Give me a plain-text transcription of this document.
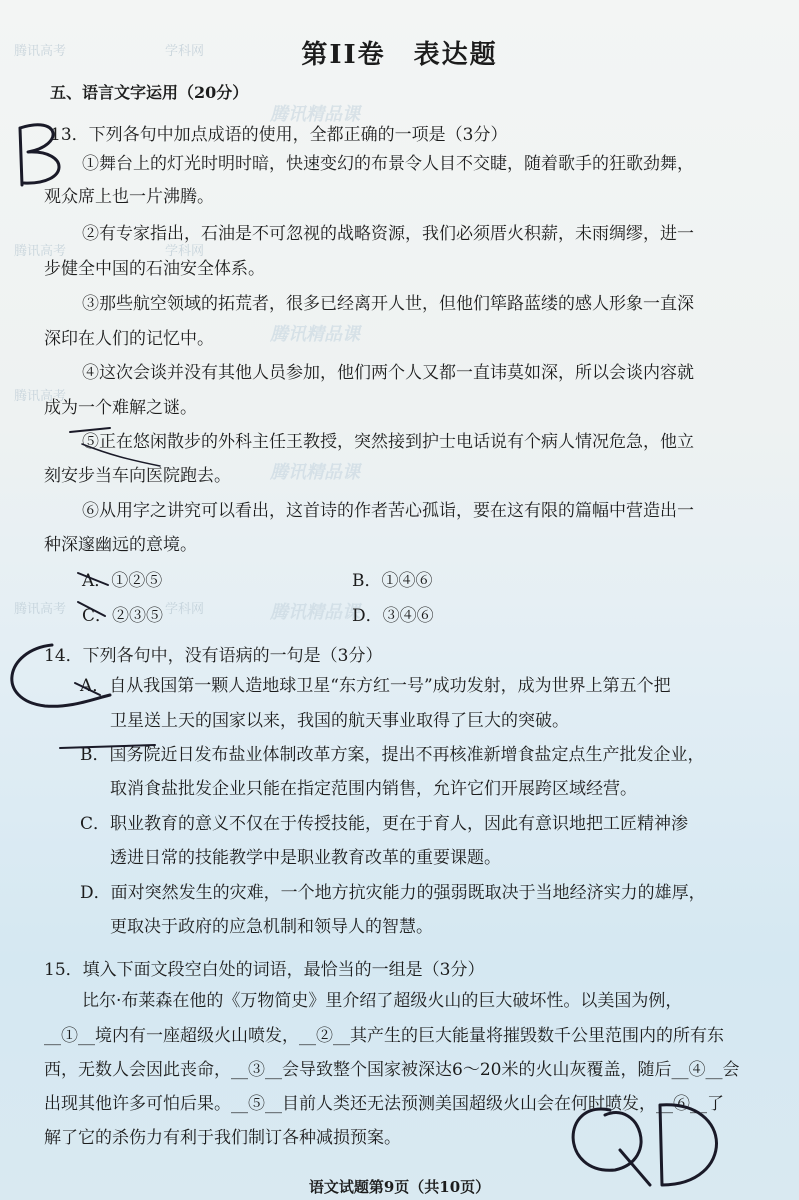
腾讯高考	学科网
腾讯精品课
腾讯高考	学科网
腾讯精品课
腾讯高考
腾讯精品课
腾讯高考	学科网	腾讯精品课
第II卷　表达题
五、语言文字运用（20分）
13．下列各句中加点成语的使用，全都正确的一项是（3分）
①舞台上的灯光时明时暗，快速变幻的布景令人目不交睫，随着歌手的狂歌劲舞，
观众席上也一片沸腾。
②有专家指出，石油是不可忽视的战略资源，我们必须厝火积薪，未雨绸缪，进一
步健全中国的石油安全体系。
③那些航空领域的拓荒者，很多已经离开人世，但他们筚路蓝缕的感人形象一直深
深印在人们的记忆中。
④这次会谈并没有其他人员参加，他们两个人又都一直讳莫如深，所以会谈内容就
成为一个难解之谜。
⑤正在悠闲散步的外科主任王教授，突然接到护士电话说有个病人情况危急，他立
刻安步当车向医院跑去。
⑥从用字之讲究可以看出，这首诗的作者苦心孤诣，要在这有限的篇幅中营造出一
种深邃幽远的意境。
A．①②⑤	B．①④⑥
C．②③⑤	D．③④⑥
14．下列各句中，没有语病的一句是（3分）
A．自从我国第一颗人造地球卫星“东方红一号”成功发射，成为世界上第五个把
卫星送上天的国家以来，我国的航天事业取得了巨大的突破。
B．国务院近日发布盐业体制改革方案，提出不再核准新增食盐定点生产批发企业，
取消食盐批发企业只能在指定范围内销售，允许它们开展跨区域经营。
C．职业教育的意义不仅在于传授技能，更在于育人，因此有意识地把工匠精神渗
透进日常的技能教学中是职业教育改革的重要课题。
D．面对突然发生的灾难，一个地方抗灾能力的强弱既取决于当地经济实力的雄厚，
更取决于政府的应急机制和领导人的智慧。
15．填入下面文段空白处的词语，最恰当的一组是（3分）
比尔·布莱森在他的《万物简史》里介绍了超级火山的巨大破坏性。以美国为例，
__①__境内有一座超级火山喷发，__②__其产生的巨大能量将摧毁数千公里范围内的所有东
西，无数人会因此丧命，__③__会导致整个国家被深达6～20米的火山灰覆盖，随后__④__会
出现其他许多可怕后果。__⑤__目前人类还无法预测美国超级火山会在何时喷发，__⑥__了
解了它的杀伤力有利于我们制订各种减损预案。
语文试题第9页（共10页）
